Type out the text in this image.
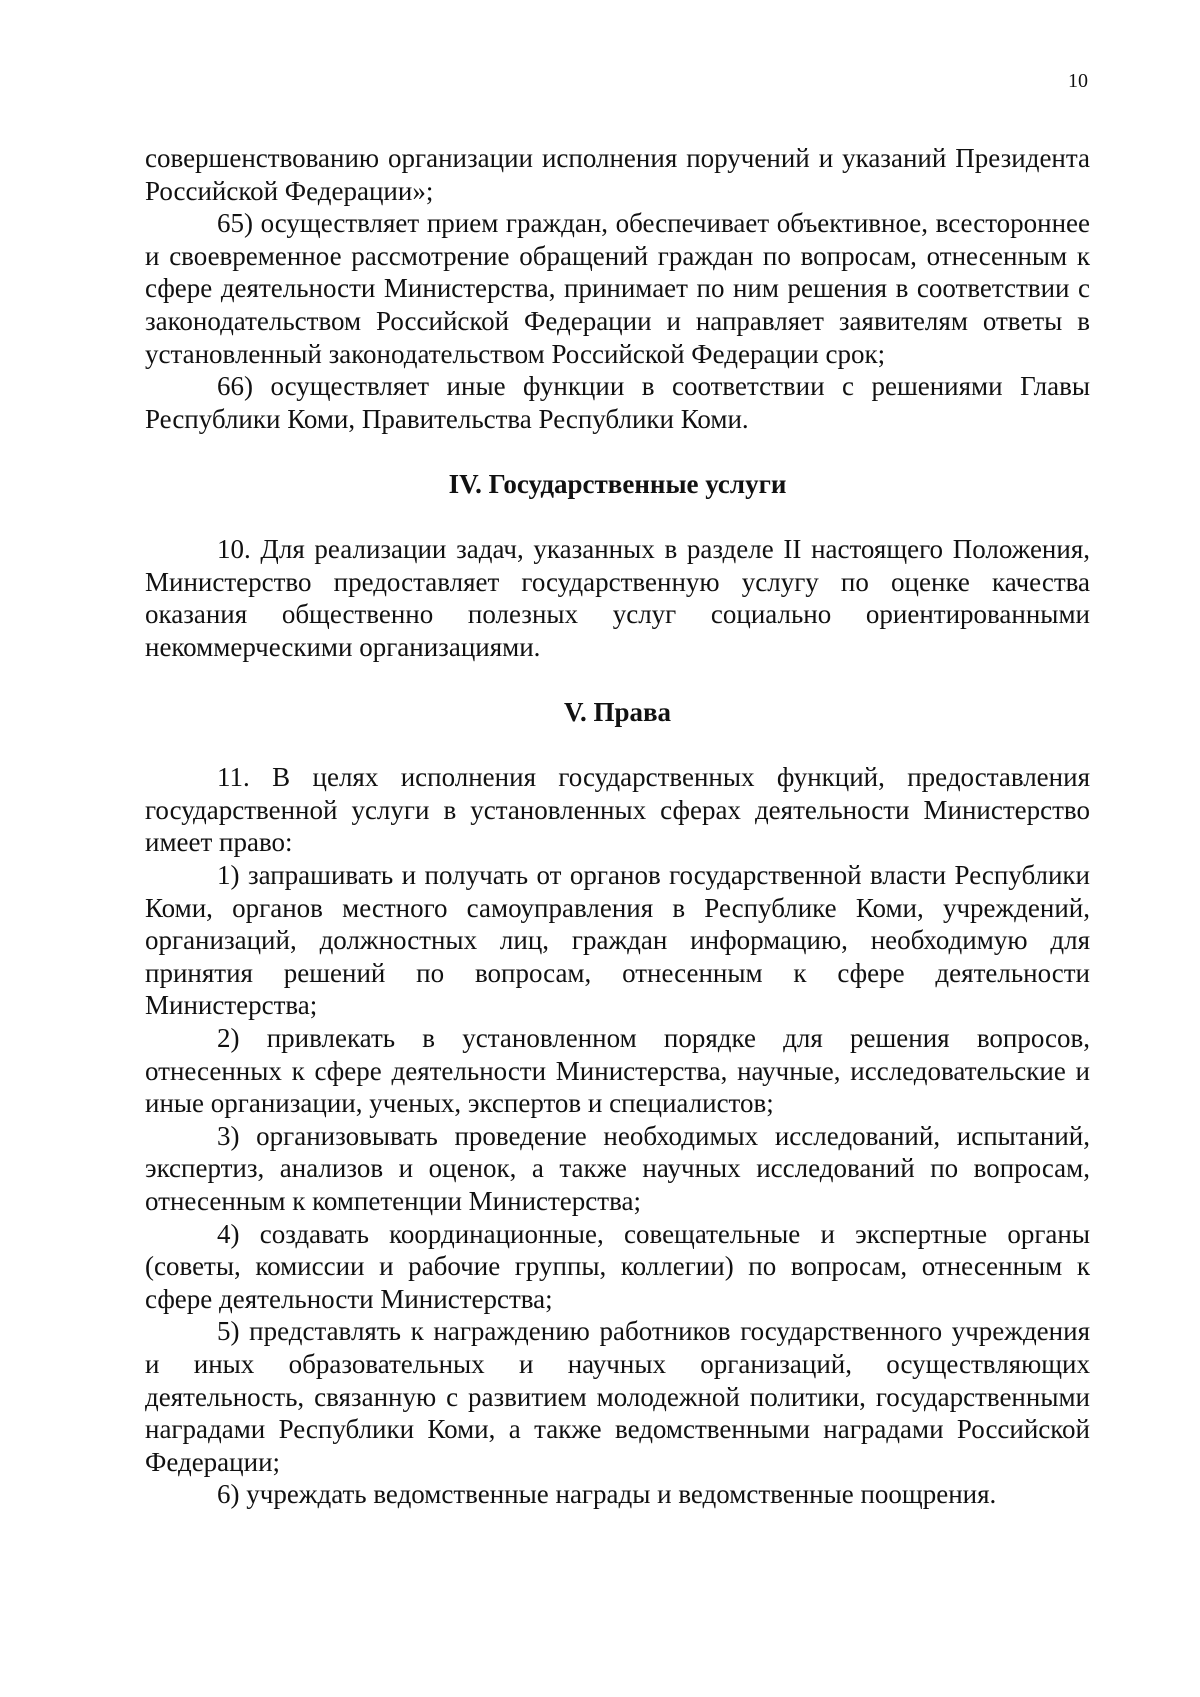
10

совершенствованию организации исполнения поручений и указаний Президента Российской Федерации»;

65) осуществляет прием граждан, обеспечивает объективное, всестороннее и своевременное рассмотрение обращений граждан по вопросам, отнесенным к сфере деятельности Министерства, принимает по ним решения в соответствии с законодательством Российской Федерации и направляет заявителям ответы в установленный законодательством Российской Федерации срок;

66) осуществляет иные функции в соответствии с решениями Главы Республики Коми, Правительства Республики Коми.

IV. Государственные услуги

10. Для реализации задач, указанных в разделе II настоящего Положения, Министерство предоставляет государственную услугу по оценке качества оказания общественно полезных услуг социально ориентированными некоммерческими организациями.

V. Права

11. В целях исполнения государственных функций, предоставления государственной услуги в установленных сферах деятельности Министерство имеет право:

1) запрашивать и получать от органов государственной власти Республики Коми, органов местного самоуправления в Республике Коми, учреждений, организаций, должностных лиц, граждан информацию, необходимую для принятия решений по вопросам, отнесенным к сфере деятельности Министерства;

2) привлекать в установленном порядке для решения вопросов, отнесенных к сфере деятельности Министерства, научные, исследовательские и иные организации, ученых, экспертов и специалистов;

3) организовывать проведение необходимых исследований, испытаний, экспертиз, анализов и оценок, а также научных исследований по вопросам, отнесенным к компетенции Министерства;

4) создавать координационные, совещательные и экспертные органы (советы, комиссии и рабочие группы, коллегии) по вопросам, отнесенным к сфере деятельности Министерства;

5) представлять к награждению работников государственного учреждения и иных образовательных и научных организаций, осуществляющих деятельность, связанную с развитием молодежной политики, государственными наградами Республики Коми, а также ведомственными наградами Российской Федерации;

6) учреждать ведомственные награды и ведомственные поощрения.
